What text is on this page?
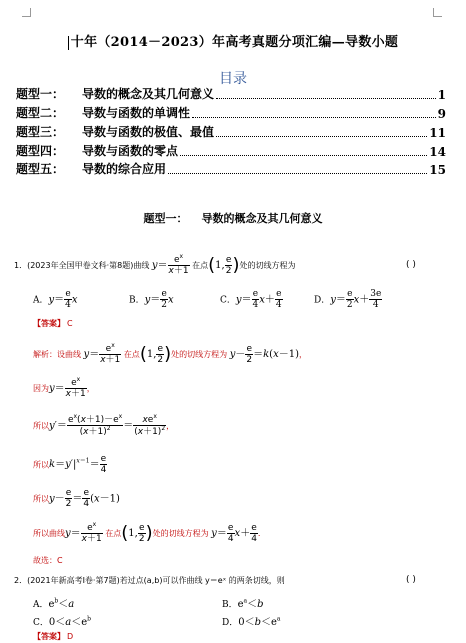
十年（2014－2023）年高考真题分项汇编—导数小题
目录
题型一：	导数的概念及其几何意义	1
题型二：	导数与函数的单调性	9
题型三：	导数与函数的极值、最值	11
题型四：	导数与函数的零点	14
题型五：	导数的综合应用	15
题型一： 导数的概念及其几何意义
1．(2023年全国甲卷文科·第8题)曲线 $y= \frac{e^x}{x+1}$ 在点(1, $\frac{e}{2}$ )处的切线方程为	( )
A．$y= \frac{e}{4}$ x	B．$y= \frac{e}{2}$ x	C．$y= \frac{e}{4} x+ \frac{e}{4}$	D．$y= \frac{e}{2} x+ \frac{3e}{4}$
【答案】 C
解析：设曲线 $y= \frac{e^x}{x+1}$ 在点(1, $\frac{e}{2}$ )处的切线方程为 $y- \frac{e}{2} =k(x-1)$，
因为$y= \frac{e^x}{x+1}$ ，
所以$y'= \frac{e^x(x+1)-e^x}{(x+1)^2} = \frac{xe^x}{(x+1)^2}$ ，
所以$k=y'|^{x=1}= \frac{e}{4}$
所以$y- \frac{e}{2} = \frac{e}{4} (x-1)$
所以曲线$y= \frac{e^x}{x+1}$ 在点(1, $\frac{e}{2}$ )处的切线方程为 $y= \frac{e}{4} x+ \frac{e}{4}$ .
故选：C
2．(2021年新高考Ⅰ卷·第7题)若过点(a,b)可以作曲线 y＝eˣ 的两条切线，则	( )
A．$e^b<a$	B．$e^a<b$
C．$0<a<e^b$	D．$0<b<e^a$
【答案】 D
